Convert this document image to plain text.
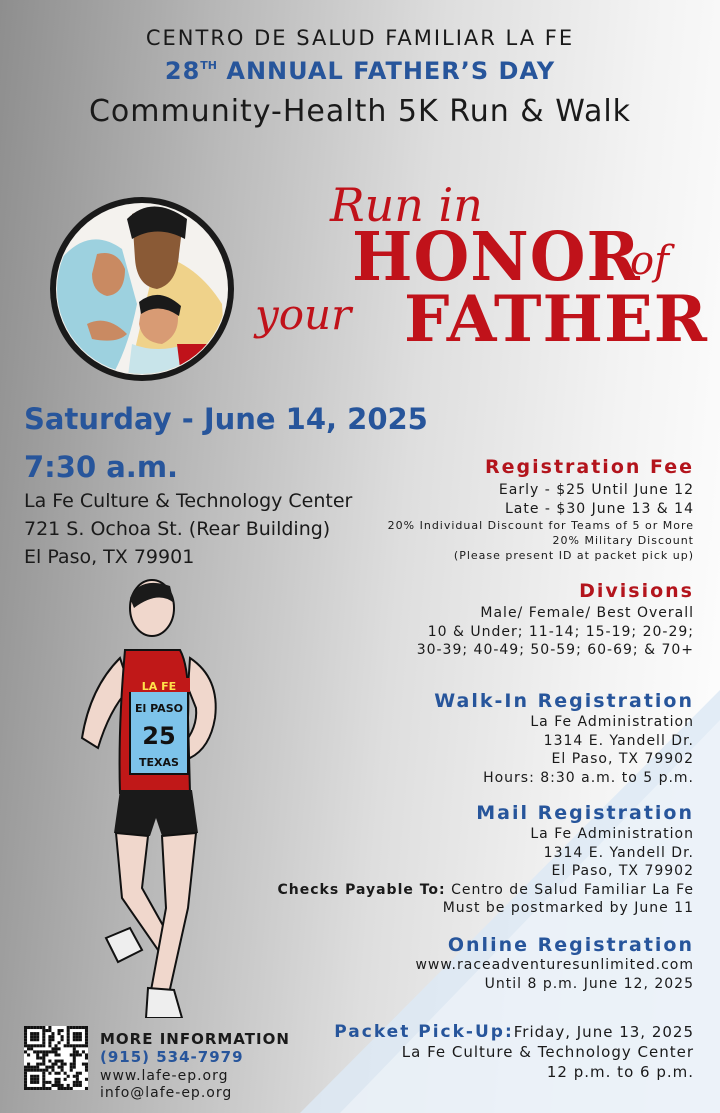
CENTRO DE SALUD FAMILIAR LA FE
28TH ANNUAL FATHER’S DAY
Community-Health 5K Run & Walk
Run in
HONOR
of
your FATHER
Saturday - June 14, 2025
7:30 a.m.
La Fe Culture & Technology Center
721 S. Ochoa St. (Rear Building)
El Paso, TX 79901
LA FE
El PASO
25
TEXAS
Registration Fee
Early - $25 Until June 12
Late - $30 June 13 & 14
20% Individual Discount for Teams of 5 or More
20% Military Discount
(Please present ID at packet pick up)
Divisions
Male/ Female/ Best Overall
10 & Under; 11-14; 15-19; 20-29;
30-39; 40-49; 50-59; 60-69; & 70+
Walk-In Registration
La Fe Administration
1314 E. Yandell Dr.
El Paso, TX 79902
Hours: 8:30 a.m. to 5 p.m.
Mail Registration
La Fe Administration
1314 E. Yandell Dr.
El Paso, TX 79902
Checks Payable To: Centro de Salud Familiar La Fe
Must be postmarked by June 11
Online Registration
www.raceadventuresunlimited.com
Until 8 p.m. June 12, 2025
Packet Pick-Up:Friday, June 13, 2025
La Fe Culture & Technology Center
12 p.m. to 6 p.m.
MORE INFORMATION
(915) 534-7979
www.lafe-ep.org
info@lafe-ep.org
